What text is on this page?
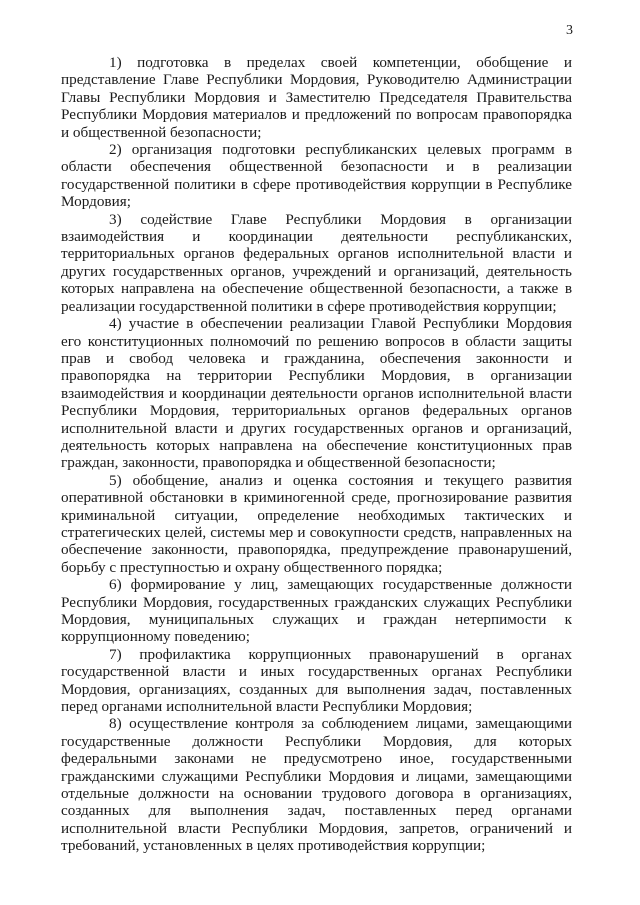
3

1) подготовка в пределах своей компетенции, обобщение и представление Главе Республики Мордовия, Руководителю Администрации Главы Республики Мордовия и Заместителю Председателя Правительства Республики Мордовия материалов и предложений по вопросам правопорядка и общественной безопасности;

2) организация подготовки республиканских целевых программ в области обеспечения общественной безопасности и в реализации государственной политики в сфере противодействия коррупции в Республике Мордовия;

3) содействие Главе Республики Мордовия в организации взаимодействия и координации деятельности республиканских, территориальных органов федеральных органов исполнительной власти и других государственных органов, учреждений и организаций, деятельность которых направлена на обеспечение общественной безопасности, а также в реализации государственной политики в сфере противодействия коррупции;

4) участие в обеспечении реализации Главой Республики Мордовия его конституционных полномочий по решению вопросов в области защиты прав и свобод человека и гражданина, обеспечения законности и правопорядка на территории Республики Мордовия, в организации взаимодействия и координации деятельности органов исполнительной власти Республики Мордовия, территориальных органов федеральных органов исполнительной власти и других государственных органов и организаций, деятельность которых направлена на обеспечение конституционных прав граждан, законности, правопорядка и общественной безопасности;

5) обобщение, анализ и оценка состояния и текущего развития оперативной обстановки в криминогенной среде, прогнозирование развития криминальной ситуации, определение необходимых тактических и стратегических целей, системы мер и совокупности средств, направленных на обеспечение законности, правопорядка, предупреждение правонарушений, борьбу с преступностью и охрану общественного порядка;

6) формирование у лиц, замещающих государственные должности Республики Мордовия, государственных гражданских служащих Республики Мордовия, муниципальных служащих и граждан нетерпимости к коррупционному поведению;

7) профилактика коррупционных правонарушений в органах государственной власти и иных государственных органах Республики Мордовия, организациях, созданных для выполнения задач, поставленных перед органами исполнительной власти Республики Мордовия;

8) осуществление контроля за соблюдением лицами, замещающими государственные должности Республики Мордовия, для которых федеральными законами не предусмотрено иное, государственными гражданскими служащими Республики Мордовия и лицами, замещающими отдельные должности на основании трудового договора в организациях, созданных для выполнения задач, поставленных перед органами исполнительной власти Республики Мордовия, запретов, ограничений и требований, установленных в целях противодействия коррупции;
